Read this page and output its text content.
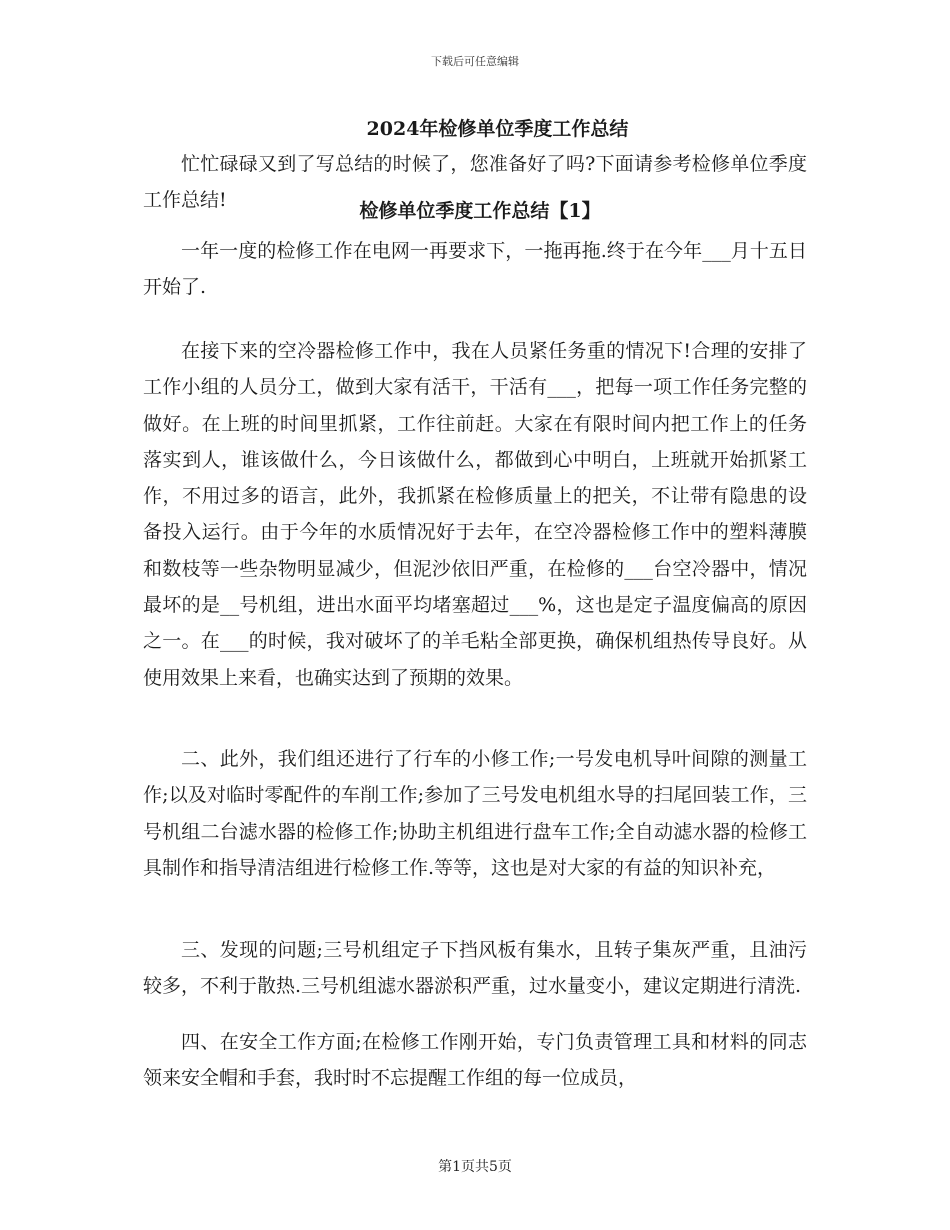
下载后可任意编辑
2024年检修单位季度工作总结

忙忙碌碌又到了写总结的时候了，您准备好了吗?下面请参考检修单位季度工作总结!	检修单位季度工作总结【1】

一年一度的检修工作在电网一再要求下，一拖再拖.终于在今年___月十五日开始了.

在接下来的空冷器检修工作中，我在人员紧任务重的情况下!合理的安排了工作小组的人员分工，做到大家有活干，干活有___，把每一项工作任务完整的做好。在上班的时间里抓紧，工作往前赶。大家在有限时间内把工作上的任务落实到人，谁该做什么，今日该做什么，都做到心中明白，上班就开始抓紧工作，不用过多的语言，此外，我抓紧在检修质量上的把关，不让带有隐患的设备投入运行。由于今年的水质情况好于去年，在空冷器检修工作中的塑料薄膜和数枝等一些杂物明显减少，但泥沙依旧严重，在检修的___台空冷器中，情况最坏的是__号机组，进出水面平均堵塞超过___%，这也是定子温度偏高的原因之一。在___的时候，我对破坏了的羊毛粘全部更换，确保机组热传导良好。从使用效果上来看，也确实达到了预期的效果。

二、此外，我们组还进行了行车的小修工作;一号发电机导叶间隙的测量工作;以及对临时零配件的车削工作;参加了三号发电机组水导的扫尾回装工作，三号机组二台滤水器的检修工作;协助主机组进行盘车工作;全自动滤水器的检修工具制作和指导清洁组进行检修工作.等等，这也是对大家的有益的知识补充，

三、发现的问题;三号机组定子下挡风板有集水，且转子集灰严重，且油污较多，不利于散热.三号机组滤水器淤积严重，过水量变小，建议定期进行清洗.

四、在安全工作方面;在检修工作刚开始，专门负责管理工具和材料的同志领来安全帽和手套，我时时不忘提醒工作组的每一位成员，

第1页共5页
